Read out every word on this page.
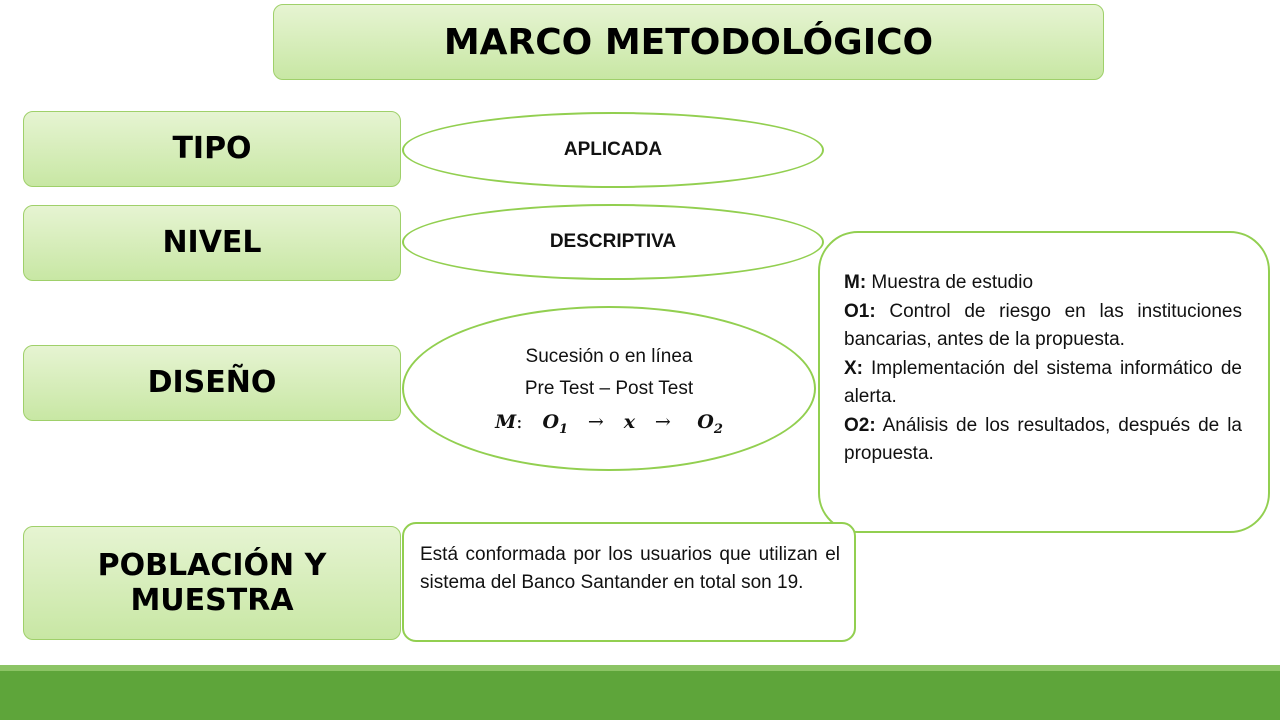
MARCO METODOLÓGICO
TIPO	APLICADA
NIVEL	DESCRIPTIVA
DISEÑO
Sucesión o en línea
Pre Test – Post Test
M: $O_1 \to x \to O_2$

M: Muestra de estudio

O1: Control de riesgo en las instituciones bancarias, antes de la propuesta.

X: Implementación del sistema informático de alerta.

O2: Análisis de los resultados, después de la propuesta.

POBLACIÓN Y
MUESTRA
Está conformada por los usuarios que utilizan el sistema del Banco Santander en total son 19.
